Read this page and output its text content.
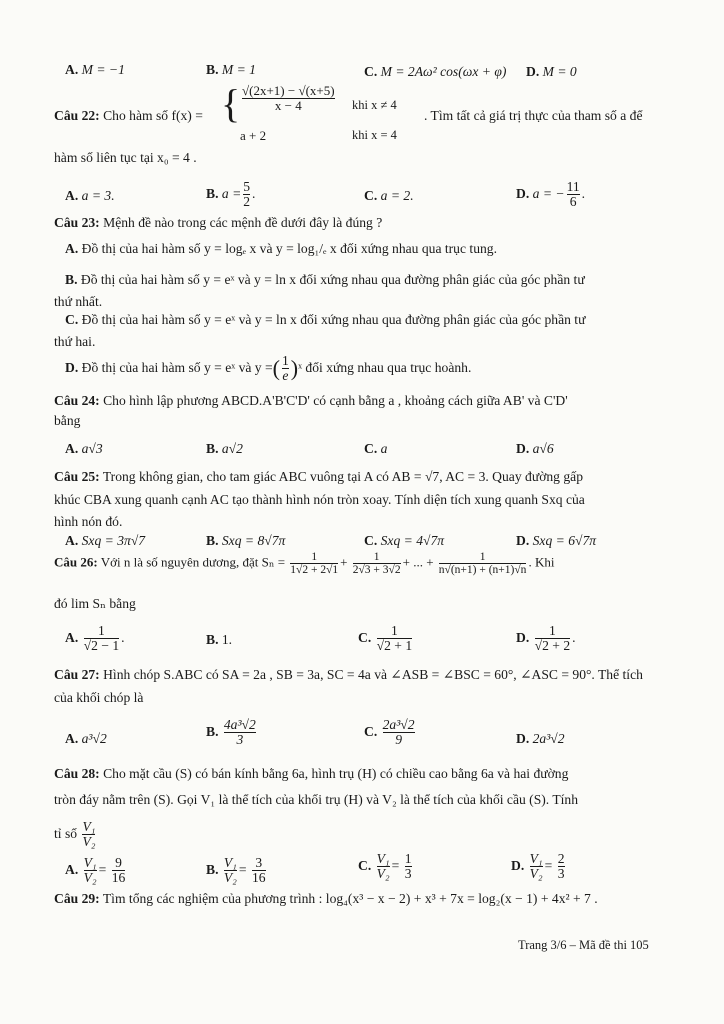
A. M = −1	B. M = 1	C. M = 2Aω² cos(ωx + φ) D. M = 0
Câu 22: Cho hàm số f(x) = { $\frac{√(2x+1) - √(x+5)}{x - 4}$ khi x ≠ 4
a + 2	khi x = 4
. Tìm tất cả giá trị thực của tham số a để
hàm số liên tục tại x₀ = 4 .
A. a = 3.	B. $a = \frac{5}{2}$ .	C. a = 2.	D. a = − $\frac{11}{6}$ .
Câu 23: Mệnh đề nào trong các mệnh đề dưới đây là đúng ?
A. Đồ thị của hai hàm số y = logₑ x và y = log₁/ₑ x đối xứng nhau qua trục tung.
B. Đồ thị của hai hàm số y = eˣ và y = ln x đối xứng nhau qua đường phân giác của góc phần tư
thứ nhất.
C. Đồ thị của hai hàm số y = eˣ và y = ln x đối xứng nhau qua đường phân giác của góc phần tư
thứ hai.
D. Đồ thị của hai hàm số y = eˣ và y =( $\frac{1}{e}$ )ˣ đối xứng nhau qua trục hoành.
Câu 24: Cho hình lập phương ABCD.A'B'C'D' có cạnh bằng a , khoảng cách giữa AB' và C'D'
bằng
A. a√3	B. a√2	C. a	D. a√6
Câu 25: Trong không gian, cho tam giác ABC vuông tại A có AB = √7, AC = 3. Quay đường gấp
khúc CBA xung quanh cạnh AC tạo thành hình nón tròn xoay. Tính diện tích xung quanh Sxq của
hình nón đó.
A. Sxq = 3π√7	B. Sxq = 8√7π	C. Sxq = 4√7π	D. Sxq = 6√7π
Câu 26: Với n là số nguyên dương, đặt $S_n = \frac{1}{1√2 + 2√1} + \frac{1}{2√3 + 3√2}$ + ... + $\frac{1}{n√(n+1) + (n+1)√n}$ . Khi
đó lim Sₙ bằng
A. $\frac{1}{√2 - 1}$ .	B. 1.	C. $\frac{1}{√2 + 1}$	D. $\frac{1}{√2 + 2}$ .
Câu 27: Hình chóp S.ABC có SA = 2a , SB = 3a, SC = 4a và ∠ASB = ∠BSC = 60°, ∠ASC = 90°. Thể tích
của khối chóp là
A. a³√2	B. $\frac{\text{4a³√2}}{3}$	C. $\frac{\text{2a³√2}}{9}$	D. 2a³√2
Câu 28: Cho mặt cầu (S) có bán kính bằng 6a, hình trụ (H) có chiều cao bằng 6a và hai đường
tròn đáy nằm trên (S). Gọi V₁ là thể tích của khối trụ (H) và V₂ là thể tích của khối cầu (S). Tính
tỉ số $\frac{\text{V₁}}{\text{V₂}}$
A. $\frac{\text{V₁}}{\text{V₂}} = \frac{9}{16}$	B. $\frac{\text{V₁}}{\text{V₂}} = \frac{3}{16}$	C. $\frac{\text{V₁}}{\text{V₂}} = \frac{1}{3}$	D. $\frac{\text{V₁}}{\text{V₂}} = \frac{2}{3}$
Câu 29: Tìm tổng các nghiệm của phương trình : log₄(x³ − x − 2) + x³ + 7x = log₂(x − 1) + 4x² + 7 .
Trang 3/6 – Mã đề thi 105
